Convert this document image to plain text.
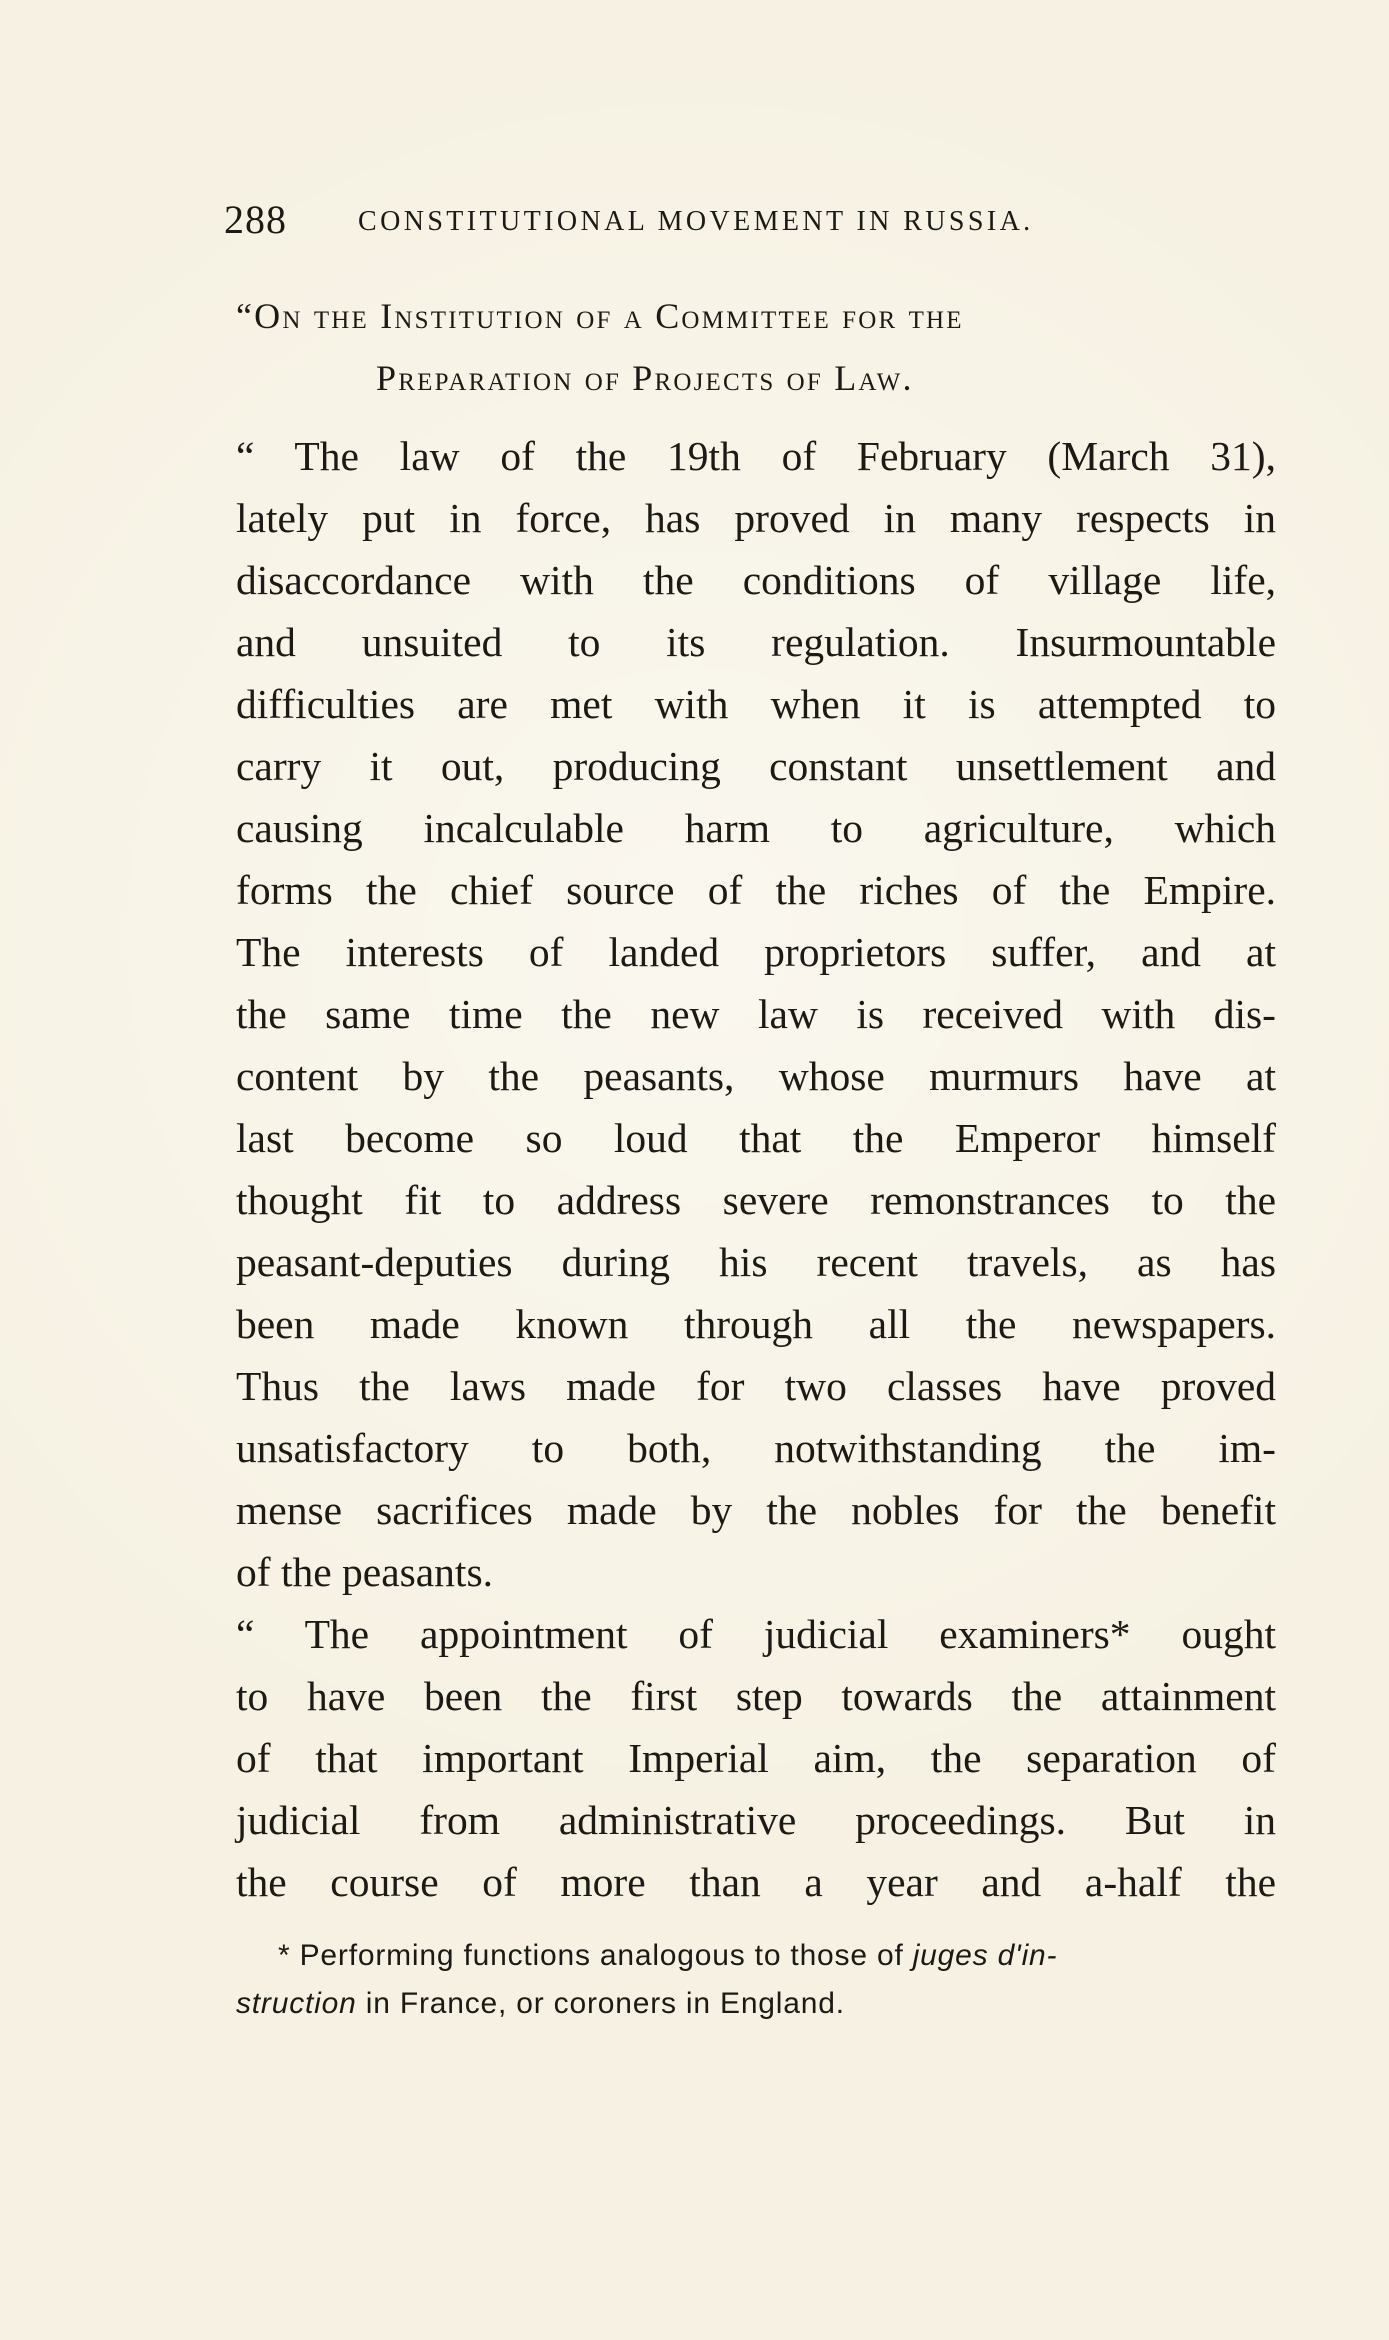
288	CONSTITUTIONAL MOVEMENT IN RUSSIA.
“On the Institution of a Committee for the
Preparation of Projects of Law.
“ The law of the 19th of February (March 31),
lately put in force, has proved in many respects in
disaccordance with the conditions of village life,
and unsuited to its regulation. Insurmountable
difficulties are met with when it is attempted to
carry it out, producing constant unsettlement and
causing incalculable harm to agriculture, which
forms the chief source of the riches of the Empire.
The interests of landed proprietors suffer, and at
the same time the new law is received with dis-
content by the peasants, whose murmurs have at
last become so loud that the Emperor himself
thought fit to address severe remonstrances to the
peasant-deputies during his recent travels, as has
been made known through all the newspapers.
Thus the laws made for two classes have proved
unsatisfactory to both, notwithstanding the im-
mense sacrifices made by the nobles for the benefit
of the peasants.
“ The appointment of judicial examiners* ought
to have been the first step towards the attainment
of that important Imperial aim, the separation of
judicial from administrative proceedings. But in
the course of more than a year and a-half the
* Performing functions analogous to those of juges d'in-
struction in France, or coroners in England.
